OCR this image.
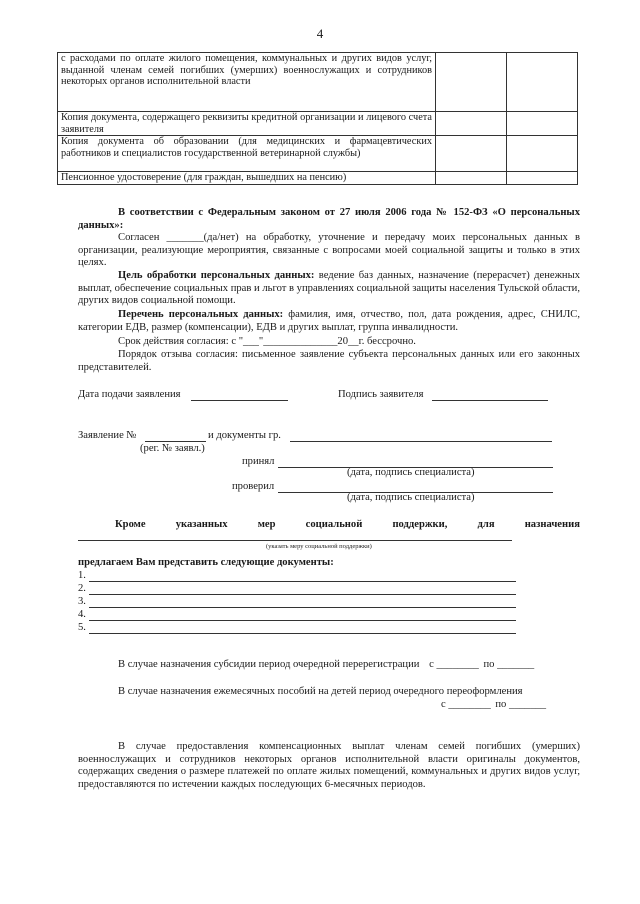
4
с расходами по оплате жилого помещения, коммунальных и других видов услуг, выданной членам семей погибших (умерших) военнослужащих и сотрудников некоторых органов исполнительной власти		
Копия документа, содержащего реквизиты кредитной организации и лицевого счета заявителя		
Копия документа об образовании (для медицинских и фармацевтических работников и специалистов государственной ветеринарной службы)		
Пенсионное удостоверение (для граждан, вышедших на пенсию)		
В соответствии с Федеральным законом от 27 июля 2006 года № 152-ФЗ «О персональных данных»:
Согласен _______(да/нет) на обработку, уточнение и передачу моих персональных данных в организации, реализующие мероприятия, связанные с вопросами моей социальной защиты и только в этих целях.
Цель обработки персональных данных: ведение баз данных, назначение (перерасчет) денежных выплат, обеспечение социальных прав и льгот в управлениях социальной защиты населения Тульской области, других видов социальной помощи.
Перечень персональных данных: фамилия, имя, отчество, пол, дата рождения, адрес, СНИЛС, категории ЕДВ, размер (компенсации), ЕДВ и других выплат, группа инвалидности.
Срок действия согласия: с "___"______________20__г. бессрочно.
Порядок отзыва согласия: письменное заявление субъекта персональных данных или его законных представителей.
Дата подачи заявления	Подпись заявителя
Заявление №	и документы гр.
(рег. № заявл.)
принял
(дата, подпись специалиста)
проверил
(дата, подпись специалиста)
Кроме	указанных	мер	социальной	поддержки,	для	назначения
(указать меру социальной поддержки)
предлагаем Вам представить следующие документы:
1.
2.
3.
4.
5.
В случае назначения субсидии период очередной перерегистрации с ________ по _______
В случае назначения ежемесячных пособий на детей период очередного переоформления
с ________ по _______
В случае предоставления компенсационных выплат членам семей погибших (умерших) военнослужащих и сотрудников некоторых органов исполнительной власти оригиналы документов, содержащих сведения о размере платежей по оплате жилых помещений, коммунальных и других видов услуг, предоставляются по истечении каждых последующих 6-месячных периодов.
